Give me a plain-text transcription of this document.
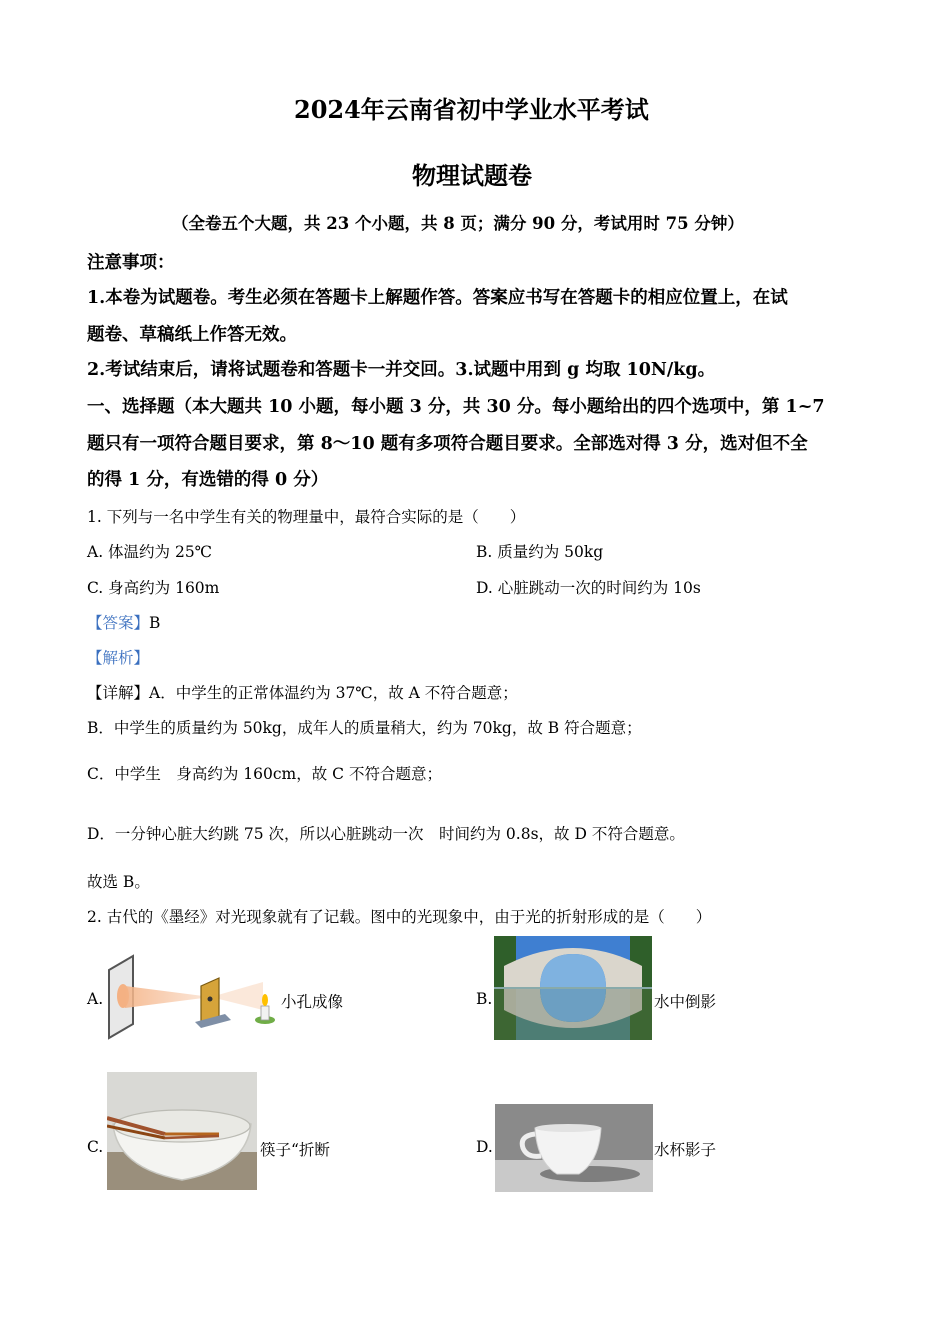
2024年云南省初中学业水平考试
物理试题卷
（全卷五个大题，共 23 个小题，共 8 页；满分 90 分，考试用时 75 分钟）
注意事项：
1.本卷为试题卷。考生必须在答题卡上解题作答。答案应书写在答题卡的相应位置上，在试
题卷、草稿纸上作答无效。
2.考试结束后，请将试题卷和答题卡一并交回。3.试题中用到 g 均取 10N/kg。
一、选择题（本大题共 10 小题，每小题 3 分，共 30 分。每小题给出的四个选项中，第 1~7
题只有一项符合题目要求，第 8～10 题有多项符合题目要求。全部选对得 3 分，选对但不全
的得 1 分，有选错的得 0 分）
1. 下列与一名中学生有关的物理量中，最符合实际的是（　　）
A. 体温约为 25℃	B. 质量约为 50kg
C. 身高约为 160m	D. 心脏跳动一次的时间约为 10s
【答案】B
【解析】
【详解】A．中学生的正常体温约为 37℃，故 A 不符合题意；
B．中学生的质量约为 50kg，成年人的质量稍大，约为 70kg，故 B 符合题意；
C．中学生　身高约为 160cm，故 C 不符合题意；
D．一分钟心脏大约跳 75 次，所以心脏跳动一次　时间约为 0.8s，故 D 不符合题意。
故选 B。
2. 古代的《墨经》对光现象就有了记载。图中的光现象中，由于光的折射形成的是（　　）
A.	小孔成像	B.	水中倒影
C.	筷子“折断	D.	水杯影子
